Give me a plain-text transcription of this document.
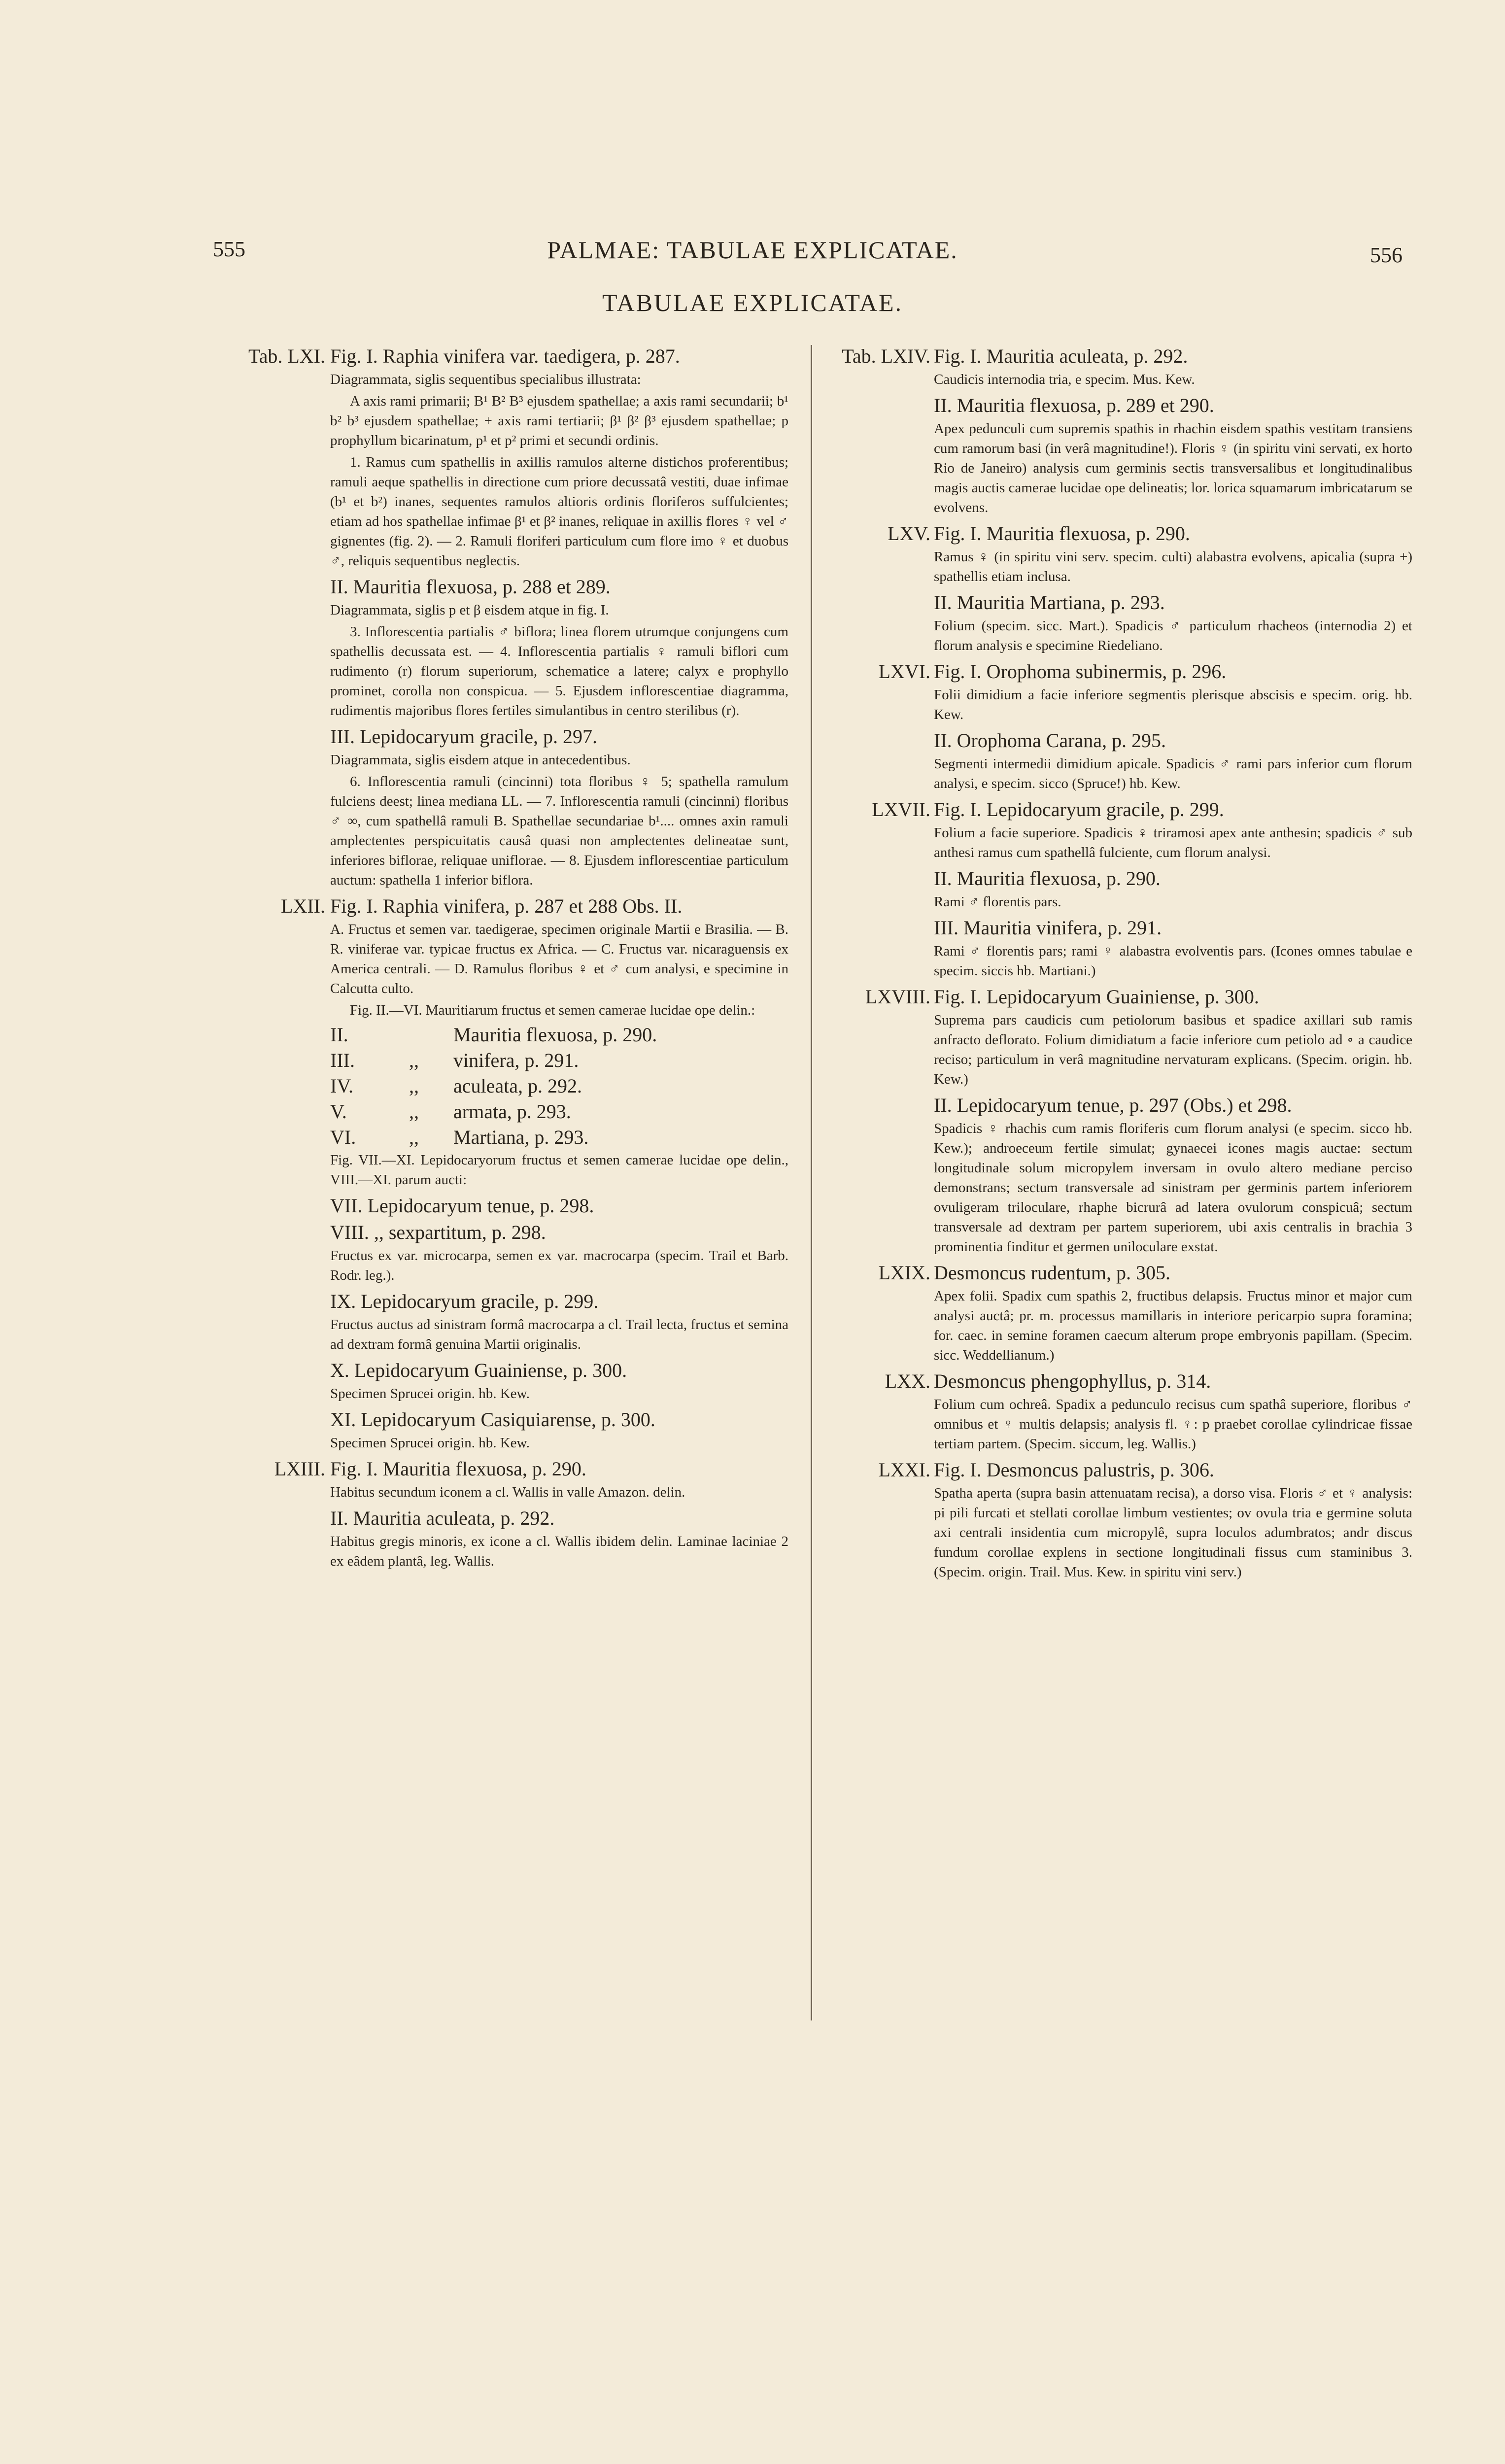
555	PALMAE: TABULAE EXPLICATAE.	556
TABULAE EXPLICATAE.
Tab. LXI. Fig. I. Raphia vinifera var. taedigera, p. 287.
Diagrammata, siglis sequentibus specialibus illustrata:
A axis rami primarii; B¹ B² B³ ejusdem spathellae; a axis rami secundarii; b¹ b² b³ ejusdem spathellae; + axis rami tertiarii; β¹ β² β³ ejusdem spathellae; p prophyllum bicarinatum, p¹ et p² primi et secundi ordinis.
1. Ramus cum spathellis in axillis ramulos alterne distichos proferentibus; ramuli aeque spathellis in directione cum priore decussatâ vestiti, duae infimae (b¹ et b²) inanes, sequentes ramulos altioris ordinis floriferos suffulcientes; etiam ad hos spathellae infimae β¹ et β² inanes, reliquae in axillis flores ♀ vel ♂ gignentes (fig. 2). — 2. Ramuli floriferi particulum cum flore imo ♀ et duobus ♂, reliquis sequentibus neglectis.
II. Mauritia flexuosa, p. 288 et 289.
Diagrammata, siglis p et β eisdem atque in fig. I.
3. Inflorescentia partialis ♂ biflora; linea florem utrumque conjungens cum spathellis decussata est. — 4. Inflorescentia partialis ♀ ramuli biflori cum rudimento (r) florum superiorum, schematice a latere; calyx e prophyllo prominet, corolla non conspicua. — 5. Ejusdem inflorescentiae diagramma, rudimentis majoribus flores fertiles simulantibus in centro sterilibus (r).
III. Lepidocaryum gracile, p. 297.
Diagrammata, siglis eisdem atque in antecedentibus.
6. Inflorescentia ramuli (cincinni) tota floribus ♀ 5; spathella ramulum fulciens deest; linea mediana LL. — 7. Inflorescentia ramuli (cincinni) floribus ♂ ∞, cum spathellâ ramuli B. Spathellae secundariae b¹.... omnes axin ramuli amplectentes perspicuitatis causâ quasi non amplectentes delineatae sunt, inferiores biflorae, reliquae uniflorae. — 8. Ejusdem inflorescentiae particulum auctum: spathella 1 inferior biflora.
LXII. Fig. I. Raphia vinifera, p. 287 et 288 Obs. II.
A. Fructus et semen var. taedigerae, specimen originale Martii e Brasilia. — B. R. viniferae var. typicae fructus ex Africa. — C. Fructus var. nicaraguensis ex America centrali. — D. Ramulus floribus ♀ et ♂ cum analysi, e specimine in Calcutta culto.
Fig. II.—VI. Mauritiarum fructus et semen camerae lucidae ope delin.:
II.	Mauritia flexuosa, p. 290.
III.	,,	vinifera, p. 291.
IV.	,,	aculeata, p. 292.
V.	,,	armata, p. 293.
VI.	,,	Martiana, p. 293.
Fig. VII.—XI. Lepidocaryorum fructus et semen camerae lucidae ope delin., VIII.—XI. parum aucti:
VII. Lepidocaryum tenue, p. 298.
VIII. ,, sexpartitum, p. 298.
Fructus ex var. microcarpa, semen ex var. macrocarpa (specim. Trail et Barb. Rodr. leg.).
IX. Lepidocaryum gracile, p. 299.
Fructus auctus ad sinistram formâ macrocarpa a cl. Trail lecta, fructus et semina ad dextram formâ genuina Martii originalis.
X. Lepidocaryum Guainiense, p. 300.
Specimen Sprucei origin. hb. Kew.
XI. Lepidocaryum Casiquiarense, p. 300.
Specimen Sprucei origin. hb. Kew.
LXIII. Fig. I. Mauritia flexuosa, p. 290.
Habitus secundum iconem a cl. Wallis in valle Amazon. delin.
II. Mauritia aculeata, p. 292.
Habitus gregis minoris, ex icone a cl. Wallis ibidem delin. Laminae laciniae 2 ex eâdem plantâ, leg. Wallis.
Tab. LXIV. Fig. I. Mauritia aculeata, p. 292.
Caudicis internodia tria, e specim. Mus. Kew.
II. Mauritia flexuosa, p. 289 et 290.
Apex pedunculi cum supremis spathis in rhachin eisdem spathis vestitam transiens cum ramorum basi (in verâ magnitudine!). Floris ♀ (in spiritu vini servati, ex horto Rio de Janeiro) analysis cum germinis sectis transversalibus et longitudinalibus magis auctis camerae lucidae ope delineatis; lor. lorica squamarum imbricatarum se evolvens.
LXV. Fig. I. Mauritia flexuosa, p. 290.
Ramus ♀ (in spiritu vini serv. specim. culti) alabastra evolvens, apicalia (supra +) spathellis etiam inclusa.
II. Mauritia Martiana, p. 293.
Folium (specim. sicc. Mart.). Spadicis ♂ particulum rhacheos (internodia 2) et florum analysis e specimine Riedeliano.
LXVI. Fig. I. Orophoma subinermis, p. 296.
Folii dimidium a facie inferiore segmentis plerisque abscisis e specim. orig. hb. Kew.
II. Orophoma Carana, p. 295.
Segmenti intermedii dimidium apicale. Spadicis ♂ rami pars inferior cum florum analysi, e specim. sicco (Spruce!) hb. Kew.
LXVII. Fig. I. Lepidocaryum gracile, p. 299.
Folium a facie superiore. Spadicis ♀ triramosi apex ante anthesin; spadicis ♂ sub anthesi ramus cum spathellâ fulciente, cum florum analysi.
II. Mauritia flexuosa, p. 290.
Rami ♂ florentis pars.
III. Mauritia vinifera, p. 291.
Rami ♂ florentis pars; rami ♀ alabastra evolventis pars. (Icones omnes tabulae e specim. siccis hb. Martiani.)
LXVIII. Fig. I. Lepidocaryum Guainiense, p. 300.
Suprema pars caudicis cum petiolorum basibus et spadice axillari sub ramis anfracto deflorato. Folium dimidiatum a facie inferiore cum petiolo ad ∘ a caudice reciso; particulum in verâ magnitudine nervaturam explicans. (Specim. origin. hb. Kew.)
II. Lepidocaryum tenue, p. 297 (Obs.) et 298.
Spadicis ♀ rhachis cum ramis floriferis cum florum analysi (e specim. sicco hb. Kew.); androeceum fertile simulat; gynaecei icones magis auctae: sectum longitudinale solum micropylem inversam in ovulo altero mediane perciso demonstrans; sectum transversale ad sinistram per germinis partem inferiorem ovuligeram triloculare, rhaphe bicrurâ ad latera ovulorum conspicuâ; sectum transversale ad dextram per partem superiorem, ubi axis centralis in brachia 3 prominentia finditur et germen uniloculare exstat.
LXIX. Desmoncus rudentum, p. 305.
Apex folii. Spadix cum spathis 2, fructibus delapsis. Fructus minor et major cum analysi auctâ; pr. m. processus mamillaris in interiore pericarpio supra foramina; for. caec. in semine foramen caecum alterum prope embryonis papillam. (Specim. sicc. Weddellianum.)
LXX. Desmoncus phengophyllus, p. 314.
Folium cum ochreâ. Spadix a pedunculo recisus cum spathâ superiore, floribus ♂ omnibus et ♀ multis delapsis; analysis fl. ♀: p praebet corollae cylindricae fissae tertiam partem. (Specim. siccum, leg. Wallis.)
LXXI. Fig. I. Desmoncus palustris, p. 306.
Spatha aperta (supra basin attenuatam recisa), a dorso visa. Floris ♂ et ♀ analysis: pi pili furcati et stellati corollae limbum vestientes; ov ovula tria e germine soluta axi centrali insidentia cum micropylê, supra loculos adumbratos; andr discus fundum corollae explens in sectione longitudinali fissus cum staminibus 3. (Specim. origin. Trail. Mus. Kew. in spiritu vini serv.)
